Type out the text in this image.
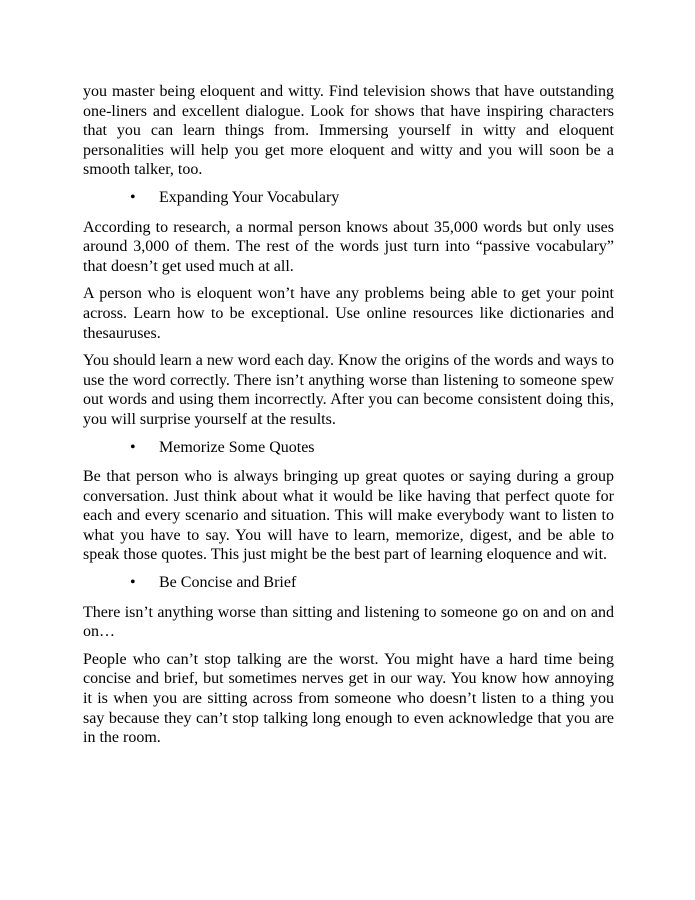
you master being eloquent and witty. Find television shows that have outstanding one-liners and excellent dialogue. Look for shows that have inspiring characters that you can learn things from. Immersing yourself in witty and eloquent personalities will help you get more eloquent and witty and you will soon be a smooth talker, too.

•	Expanding Your Vocabulary

According to research, a normal person knows about 35,000 words but only uses around 3,000 of them. The rest of the words just turn into “passive vocabulary” that doesn’t get used much at all.

A person who is eloquent won’t have any problems being able to get your point across. Learn how to be exceptional. Use online resources like dictionaries and thesauruses.

You should learn a new word each day. Know the origins of the words and ways to use the word correctly. There isn’t anything worse than listening to someone spew out words and using them incorrectly. After you can become consistent doing this, you will surprise yourself at the results.

•	Memorize Some Quotes

Be that person who is always bringing up great quotes or saying during a group conversation. Just think about what it would be like having that perfect quote for each and every scenario and situation. This will make everybody want to listen to what you have to say. You will have to learn, memorize, digest, and be able to speak those quotes. This just might be the best part of learning eloquence and wit.

•	Be Concise and Brief

There isn’t anything worse than sitting and listening to someone go on and on and on…

People who can’t stop talking are the worst. You might have a hard time being concise and brief, but sometimes nerves get in our way. You know how annoying it is when you are sitting across from someone who doesn’t listen to a thing you say because they can’t stop talking long enough to even acknowledge that you are in the room.
